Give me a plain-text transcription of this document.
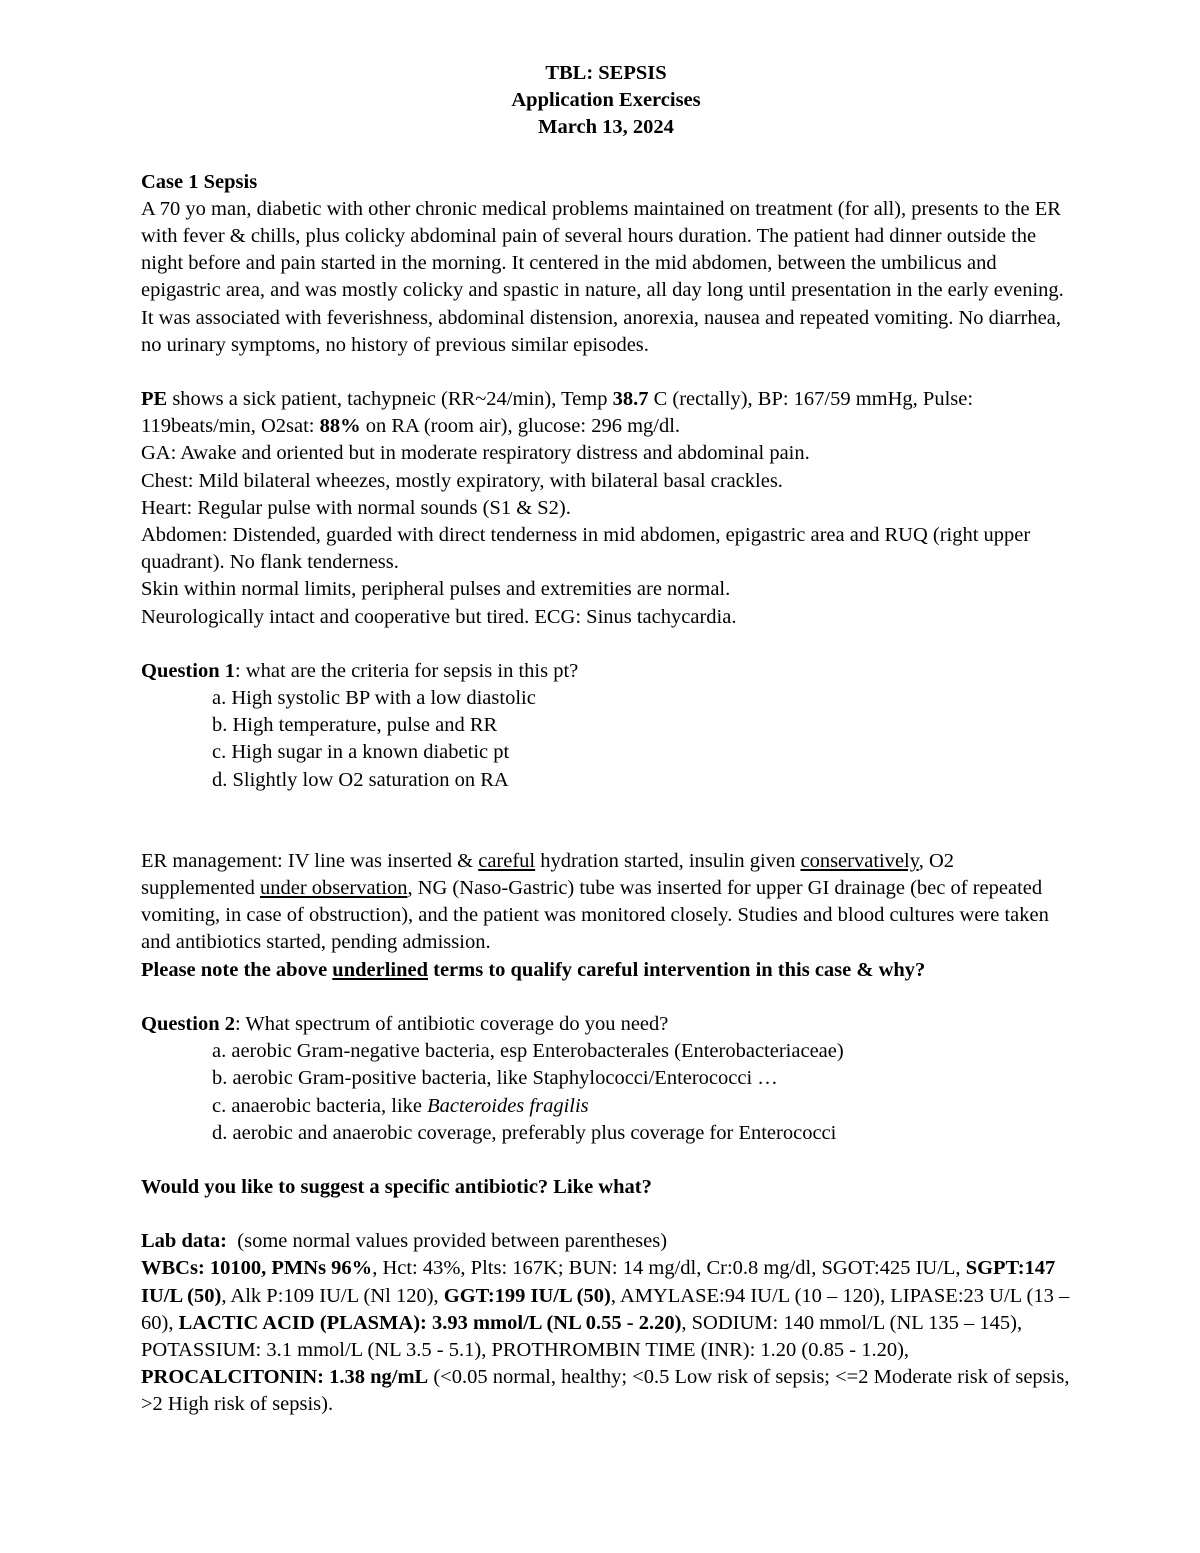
TBL: SEPSIS

Application Exercises

March 13, 2024

Case 1 Sepsis

A 70 yo man, diabetic with other chronic medical problems maintained on treatment (for all), presents to the ER with fever & chills, plus colicky abdominal pain of several hours duration. The patient had dinner outside the night before and pain started in the morning. It centered in the mid abdomen, between the umbilicus and epigastric area, and was mostly colicky and spastic in nature, all day long until presentation in the early evening. It was associated with feverishness, abdominal distension, anorexia, nausea and repeated vomiting. No diarrhea, no urinary symptoms, no history of previous similar episodes.

PE shows a sick patient, tachypneic (RR~24/min), Temp 38.7 C (rectally), BP: 167/59 mmHg, Pulse: 119beats/min, O2sat: 88% on RA (room air), glucose: 296 mg/dl.

GA: Awake and oriented but in moderate respiratory distress and abdominal pain.

Chest: Mild bilateral wheezes, mostly expiratory, with bilateral basal crackles.

Heart: Regular pulse with normal sounds (S1 & S2).

Abdomen: Distended, guarded with direct tenderness in mid abdomen, epigastric area and RUQ (right upper quadrant). No flank tenderness.

Skin within normal limits, peripheral pulses and extremities are normal.

Neurologically intact and cooperative but tired. ECG: Sinus tachycardia.

Question 1: what are the criteria for sepsis in this pt?

a. High systolic BP with a low diastolic

b. High temperature, pulse and RR

c. High sugar in a known diabetic pt

d. Slightly low O2 saturation on RA

ER management: IV line was inserted & careful hydration started, insulin given conservatively, O2 supplemented under observation, NG (Naso-Gastric) tube was inserted for upper GI drainage (bec of repeated vomiting, in case of obstruction), and the patient was monitored closely. Studies and blood cultures were taken and antibiotics started, pending admission.

Please note the above underlined terms to qualify careful intervention in this case & why?

Question 2: What spectrum of antibiotic coverage do you need?

a. aerobic Gram-negative bacteria, esp Enterobacterales (Enterobacteriaceae)

b. aerobic Gram-positive bacteria, like Staphylococci/Enterococci …

c. anaerobic bacteria, like Bacteroides fragilis

d. aerobic and anaerobic coverage, preferably plus coverage for Enterococci

Would you like to suggest a specific antibiotic? Like what?

Lab data:  (some normal values provided between parentheses)

WBCs: 10100, PMNs 96%, Hct: 43%, Plts: 167K; BUN: 14 mg/dl, Cr:0.8 mg/dl, SGOT:425 IU/L, SGPT:147 IU/L (50), Alk P:109 IU/L (Nl 120), GGT:199 IU/L (50), AMYLASE:94 IU/L (10 – 120), LIPASE:23 U/L (13 – 60), LACTIC ACID (PLASMA): 3.93 mmol/L (NL 0.55 - 2.20), SODIUM: 140 mmol/L (NL 135 – 145), POTASSIUM: 3.1 mmol/L (NL 3.5 - 5.1), PROTHROMBIN TIME (INR): 1.20 (0.85 - 1.20), PROCALCITONIN: 1.38 ng/mL (<0.05 normal, healthy; <0.5 Low risk of sepsis; <=2 Moderate risk of sepsis, >2 High risk of sepsis).
